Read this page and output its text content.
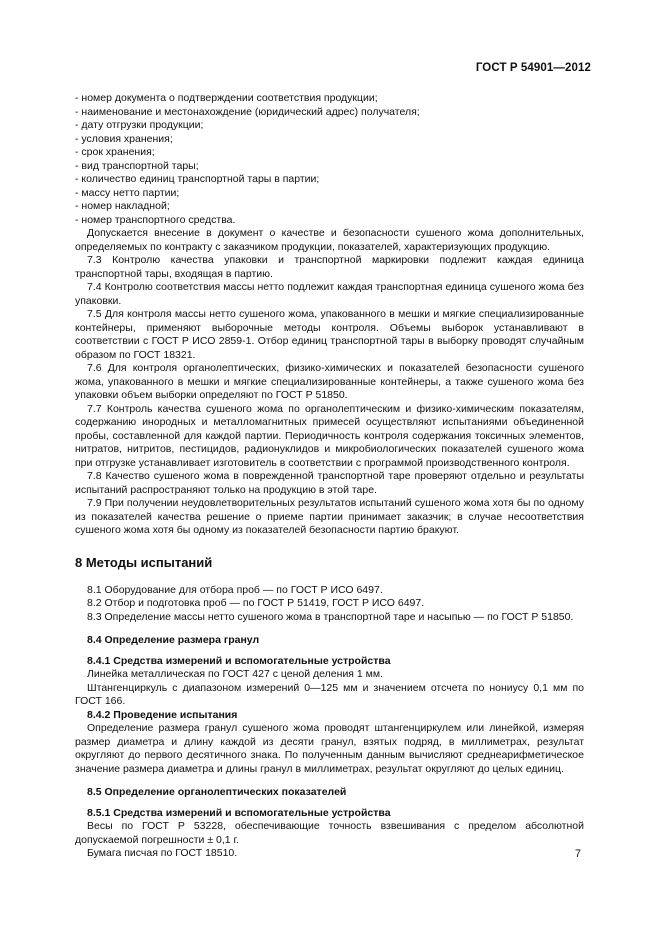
ГОСТ Р 54901—2012

- номер документа о подтверждении соответствия продукции;

- наименование и местонахождение (юридический адрес) получателя;

- дату отгрузки продукции;

- условия хранения;

- срок хранения;

- вид транспортной тары;

- количество единиц транспортной тары в партии;

- массу нетто партии;

- номер накладной;

- номер транспортного средства.

Допускается внесение в документ о качестве и безопасности сушеного жома дополнительных, определяемых по контракту с заказчиком продукции, показателей, характеризующих продукцию.

7.3 Контролю качества упаковки и транспортной маркировки подлежит каждая единица транспортной тары, входящая в партию.

7.4 Контролю соответствия массы нетто подлежит каждая транспортная единица сушеного жома без упаковки.

7.5 Для контроля массы нетто сушеного жома, упакованного в мешки и мягкие специализированные контейнеры, применяют выборочные методы контроля. Объемы выборок устанавливают в соответствии с ГОСТ Р ИСО 2859-1. Отбор единиц транспортной тары в выборку проводят случайным образом по ГОСТ 18321.

7.6 Для контроля органолептических, физико-химических и показателей безопасности сушеного жома, упакованного в мешки и мягкие специализированные контейнеры, а также сушеного жома без упаковки объем выборки определяют по ГОСТ Р 51850.

7.7 Контроль качества сушеного жома по органолептическим и физико-химическим показателям, содержанию инородных и металломагнитных примесей осуществляют испытаниями объединенной пробы, составленной для каждой партии. Периодичность контроля содержания токсичных элементов, нитратов, нитритов, пестицидов, радионуклидов и микробиологических показателей сушеного жома при отгрузке устанавливает изготовитель в соответствии с программой производственного контроля.

7.8 Качество сушеного жома в поврежденной транспортной таре проверяют отдельно и результаты испытаний распространяют только на продукцию в этой таре.

7.9 При получении неудовлетворительных результатов испытаний сушеного жома хотя бы по одному из показателей качества решение о приеме партии принимает заказчик; в случае несоответствия сушеного жома хотя бы одному из показателей безопасности партию бракуют.

8 Методы испытаний

8.1 Оборудование для отбора проб — по ГОСТ Р ИСО 6497.

8.2 Отбор и подготовка проб — по ГОСТ Р 51419, ГОСТ Р ИСО 6497.

8.3 Определение массы нетто сушеного жома в транспортной таре и насыпью — по ГОСТ Р 51850.

8.4 Определение размера гранул

8.4.1 Средства измерений и вспомогательные устройства

Линейка металлическая по ГОСТ 427 с ценой деления 1 мм.

Штангенциркуль с диапазоном измерений 0—125 мм и значением отсчета по нониусу 0,1 мм по ГОСТ 166.

8.4.2 Проведение испытания

Определение размера гранул сушеного жома проводят штангенциркулем или линейкой, измеряя размер диаметра и длину каждой из десяти гранул, взятых подряд, в миллиметрах, результат округляют до первого десятичного знака. По полученным данным вычисляют среднеарифметическое значение размера диаметра и длины гранул в миллиметрах, результат округляют до целых единиц.

8.5 Определение органолептических показателей

8.5.1 Средства измерений и вспомогательные устройства

Весы по ГОСТ Р 53228, обеспечивающие точность взвешивания с пределом абсолютной допускаемой погрешности ± 0,1 г.

Бумага писчая по ГОСТ 18510.	7
